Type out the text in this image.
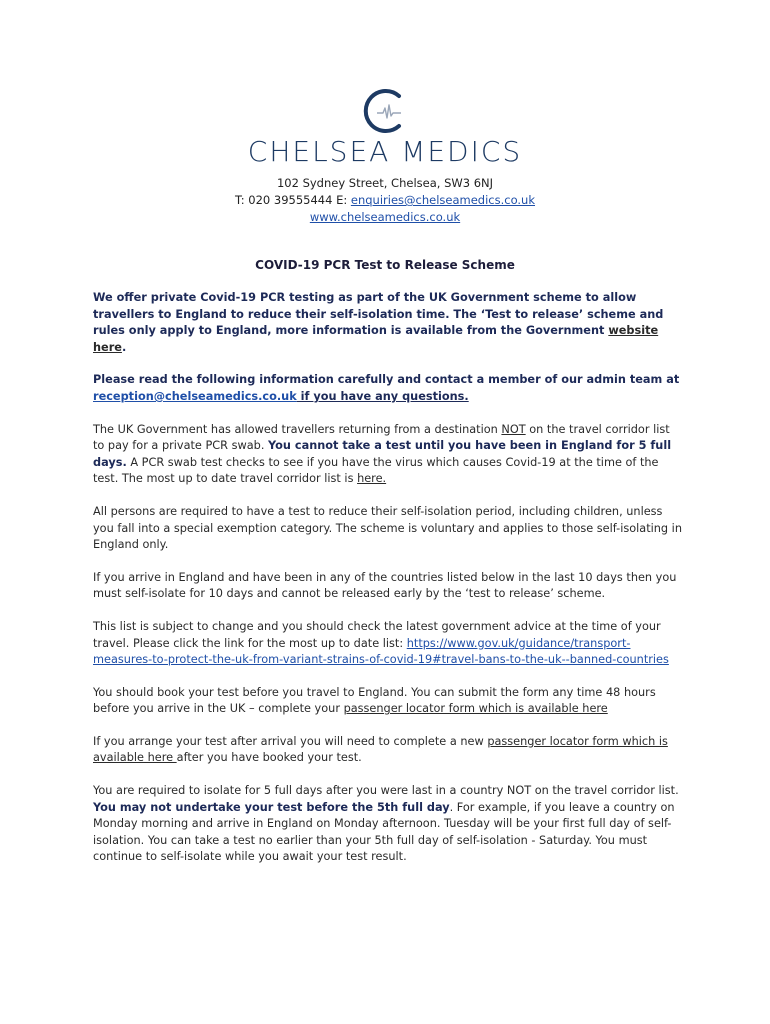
CHELSEA MEDICS
102 Sydney Street, Chelsea, SW3 6NJ
T: 020 39555444 E: enquiries@chelseamedics.co.uk
www.chelseamedics.co.uk
COVID-19 PCR Test to Release Scheme

We offer private Covid-19 PCR testing as part of the UK Government scheme to allow travellers to England to reduce their self-isolation time. The ‘Test to release’ scheme and rules only apply to England, more information is available from the Government website here.

Please read the following information carefully and contact a member of our admin team at reception@chelseamedics.co.uk if you have any questions.

The UK Government has allowed travellers returning from a destination NOT on the travel corridor list to pay for a private PCR swab. You cannot take a test until you have been in England for 5 full days. A PCR swab test checks to see if you have the virus which causes Covid-19 at the time of the test. The most up to date travel corridor list is here.

All persons are required to have a test to reduce their self-isolation period, including children, unless you fall into a special exemption category. The scheme is voluntary and applies to those self-isolating in England only.

If you arrive in England and have been in any of the countries listed below in the last 10 days then you must self-isolate for 10 days and cannot be released early by the ‘test to release’ scheme.

This list is subject to change and you should check the latest government advice at the time of your travel. Please click the link for the most up to date list: https://www.gov.uk/guidance/transport-measures-to-protect-the-uk-from-variant-strains-of-covid-19#travel-bans-to-the-uk--banned-countries

You should book your test before you travel to England. You can submit the form any time 48 hours before you arrive in the UK – complete your passenger locator form which is available here

If you arrange your test after arrival you will need to complete a new passenger locator form which is available here after you have booked your test.

You are required to isolate for 5 full days after you were last in a country NOT on the travel corridor list. You may not undertake your test before the 5th full day. For example, if you leave a country on Monday morning and arrive in England on Monday afternoon. Tuesday will be your first full day of self-isolation. You can take a test no earlier than your 5th full day of self-isolation - Saturday. You must continue to self-isolate while you await your test result.
